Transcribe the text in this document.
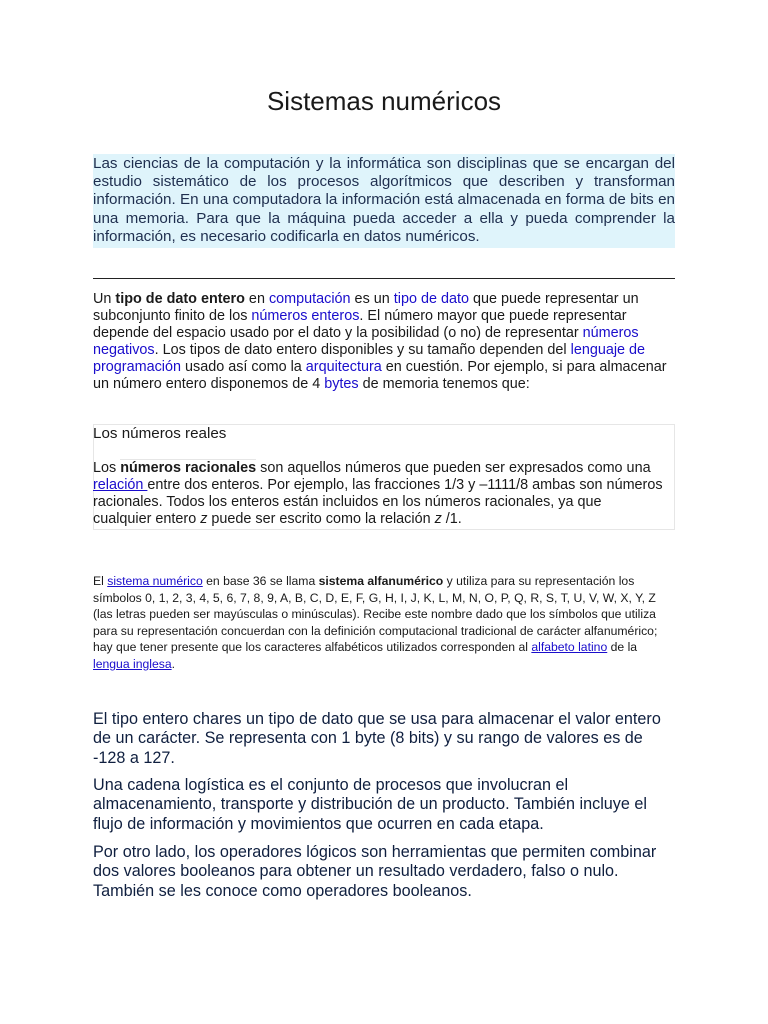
Sistemas numéricos

Las ciencias de la computación y la informática son disciplinas que se encargan del estudio sistemático de los procesos algorítmicos que describen y transforman información. En una computadora la información está almacenada en forma de bits en una memoria. Para que la máquina pueda acceder a ella y pueda comprender la información, es necesario codificarla en datos numéricos.

Un tipo de dato entero en computación es un tipo de dato que puede representar un subconjunto finito de los números enteros. El número mayor que puede representar depende del espacio usado por el dato y la posibilidad (o no) de representar números negativos. Los tipos de dato entero disponibles y su tamaño dependen del lenguaje de programación usado así como la arquitectura en cuestión. Por ejemplo, si para almacenar un número entero disponemos de 4 bytes de memoria tenemos que:

Los números reales

Los números racionales son aquellos números que pueden ser expresados como una relación entre dos enteros. Por ejemplo, las fracciones 1/3 y –1111/8 ambas son números racionales. Todos los enteros están incluidos en los números racionales, ya que cualquier entero z puede ser escrito como la relación z /1.

El sistema numérico en base 36 se llama sistema alfanumérico y utiliza para su representación los símbolos 0, 1, 2, 3, 4, 5, 6, 7, 8, 9, A, B, C, D, E, F, G, H, I, J, K, L, M, N, O, P, Q, R, S, T, U, V, W, X, Y, Z (las letras pueden ser mayúsculas o minúsculas). Recibe este nombre dado que los símbolos que utiliza para su representación concuerdan con la definición computacional tradicional de carácter alfanumérico; hay que tener presente que los caracteres alfabéticos utilizados corresponden al alfabeto latino de la lengua inglesa.

El tipo entero chares un tipo de dato que se usa para almacenar el valor entero de un carácter. Se representa con 1 byte (8 bits) y su rango de valores es de -128 a 127.

Una cadena logística es el conjunto de procesos que involucran el almacenamiento, transporte y distribución de un producto. También incluye el flujo de información y movimientos que ocurren en cada etapa.

Por otro lado, los operadores lógicos son herramientas que permiten combinar dos valores booleanos para obtener un resultado verdadero, falso o nulo. También se les conoce como operadores booleanos.
